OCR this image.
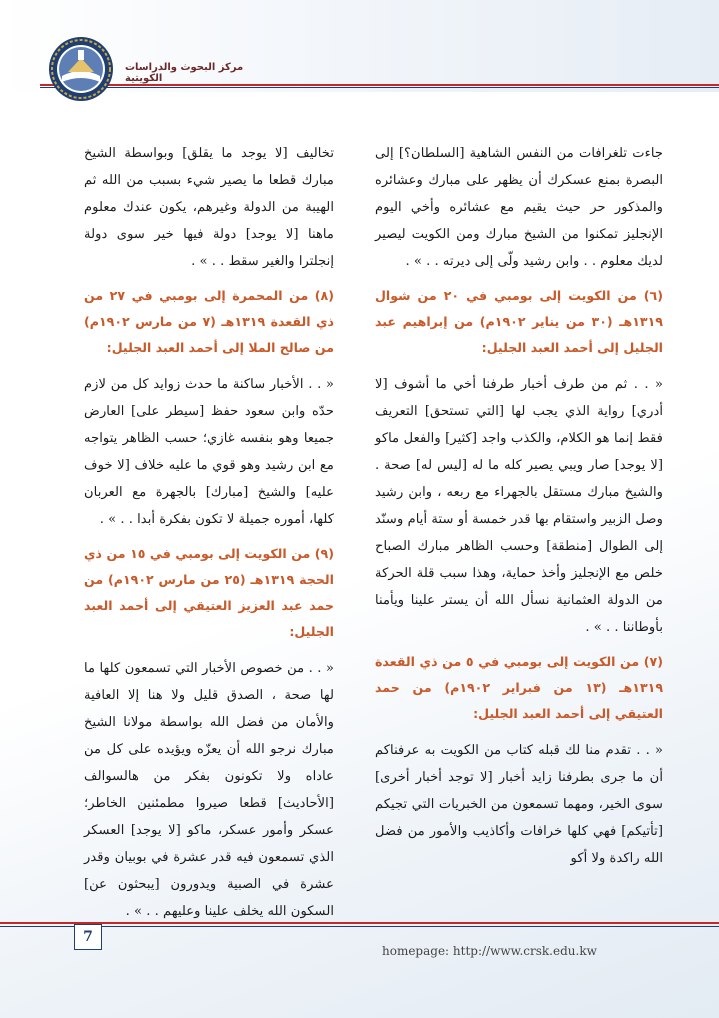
مركز البحوث والدراسات الكويتية

جاءت تلغرافات من النفس الشاهية [السلطان؟] إلى البصرة بمنع عسكرك أن يظهر على مبارك وعشائره والمذكور حر حيث يقيم مع عشائره وأخي اليوم الإنجليز تمكنوا من الشيخ مبارك ومن الكويت ليصير لديك معلوم . . وابن رشيد ولّى إلى ديرته . . » .

(٦) من الكويت إلى بومبي في ٢٠ من شوال ١٣١٩هـ (٣٠ من يناير ١٩٠٢م) من إبراهيم عبد الجليل إلى أحمد العبد الجليل:

« . . ثم من طرف أخبار طرفنا أخي ما أشوف [لا أدري] رواية الذي يجب لها [التي تستحق] التعريف فقط إنما هو الكلام، والكذب واجد [كثير] والفعل ماكو [لا يوجد] صار ويبي يصير كله ما له [ليس له] صحة . والشيخ مبارك مستقل بالجهراء مع ربعه ، وابن رشيد وصل الزبير واستقام بها قدر خمسة أو ستة أيام وسنّد إلى الطوال [منطقة] وحسب الظاهر مبارك الصباح خلص مع الإنجليز وأخذ حماية، وهذا سبب قلة الحركة من الدولة العثمانية نسأل الله أن يستر علينا ويأمنا بأوطاننا . . » .

(٧) من الكويت إلى بومبي في ٥ من ذي القعدة ١٣١٩هـ (١٣ من فبراير ١٩٠٢م) من حمد العتيقي إلى أحمد العبد الجليل:

« . . تقدم منا لك قبله كتاب من الكويت به عرفناكم أن ما جرى بطرفنا زايد أخبار [لا توجد أخبار أخرى] سوى الخير، ومهما تسمعون من الخبريات التي تجيكم [تأتيكم] فهي كلها خرافات وأكاذيب والأمور من فضل الله راكدة ولا أكو

تخاليف [لا يوجد ما يقلق] وبواسطة الشيخ مبارك قطعا ما يصير شيء بسبب من الله ثم الهيبة من الدولة وغيرهم، يكون عندك معلوم ماهنا [لا يوجد] دولة فيها خير سوى دولة إنجلترا والغير سقط . . » .

(٨) من المحمرة إلى بومبي في ٢٧ من ذي القعدة ١٣١٩هـ (٧ من مارس ١٩٠٢م) من صالح الملا إلى أحمد العبد الجليل:

« . . الأخبار ساكنة ما حدث زوايد كل من لازم حدّه وابن سعود حفظ [سيطر على] العارض جميعا وهو بنفسه غازي؛ حسب الظاهر يتواجه مع ابن رشيد وهو قوي ما عليه خلاف [لا خوف عليه] والشيخ [مبارك] بالجهرة مع العربان كلها، أموره جميلة لا تكون بفكرة أبدا . . » .

(٩) من الكويت إلى بومبي في ١٥ من ذي الحجة ١٣١٩هـ (٢٥ من مارس ١٩٠٢م) من حمد عبد العزيز العتيقي إلى أحمد العبد الجليل:

« . . من خصوص الأخبار التي تسمعون كلها ما لها صحة ، الصدق قليل ولا هنا إلا العافية والأمان من فضل الله بواسطة مولانا الشيخ مبارك نرجو الله أن يعزّه ويؤيده على كل من عاداه ولا تكونون بفكر من هالسوالف [الأحاديث] قطعا صيروا مطمئنين الخاطر؛ عسكر وأمور عسكر، ماكو [لا يوجد] العسكر الذي تسمعون فيه قدر عشرة في بوبيان وقدر عشرة في الصبية ويدورون [يبحثون عن] السكون الله يخلف علينا وعليهم . . » .

7
homepage: http://www.crsk.edu.kw
